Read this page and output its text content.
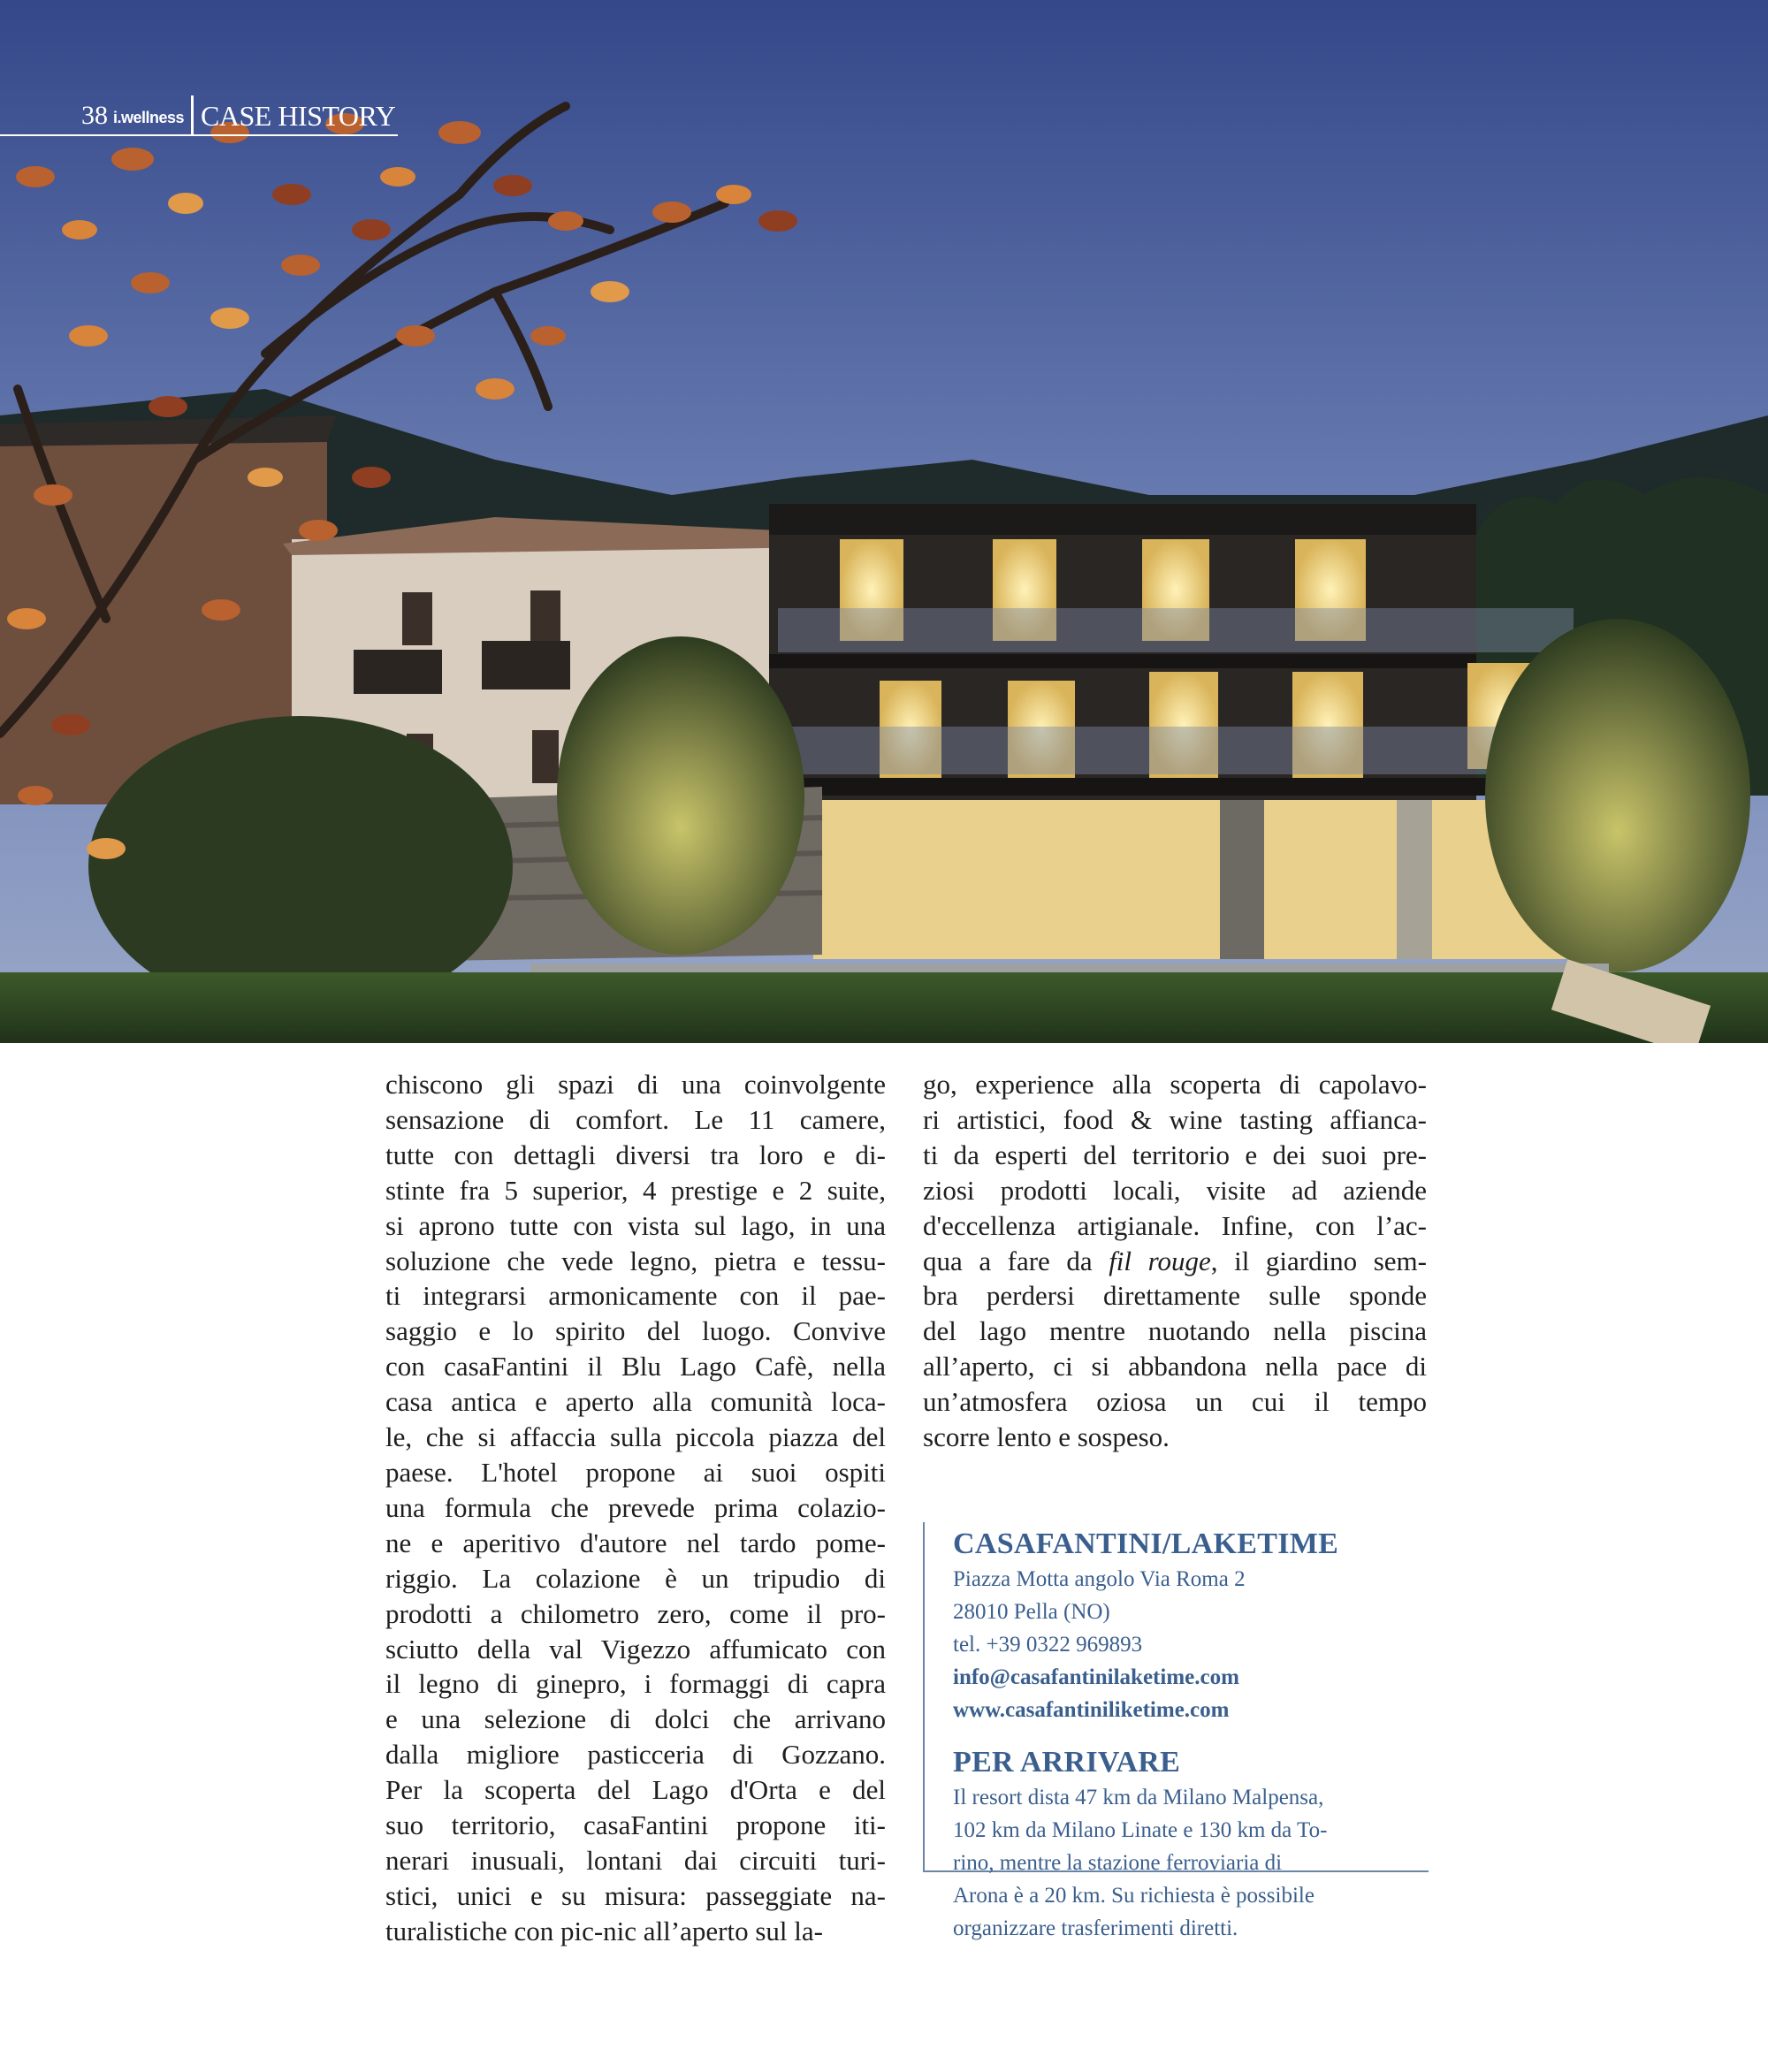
38 i.wellness CASE HISTORY
chiscono gli spazi di una coinvolgente
sensazione di comfort. Le 11 camere,
tutte con dettagli diversi tra loro e di-
stinte fra 5 superior, 4 prestige e 2 suite,
si aprono tutte con vista sul lago, in una
soluzione che vede legno, pietra e tessu-
ti integrarsi armonicamente con il pae-
saggio e lo spirito del luogo. Convive
con casaFantini il Blu Lago Cafè, nella
casa antica e aperto alla comunità loca-
le, che si affaccia sulla piccola piazza del
paese. L'hotel propone ai suoi ospiti
una formula che prevede prima colazio-
ne e aperitivo d'autore nel tardo pome-
riggio. La colazione è un tripudio di
prodotti a chilometro zero, come il pro-
sciutto della val Vigezzo affumicato con
il legno di ginepro, i formaggi di capra
e una selezione di dolci che arrivano
dalla migliore pasticceria di Gozzano.
Per la scoperta del Lago d'Orta e del
suo territorio, casaFantini propone iti-
nerari inusuali, lontani dai circuiti turi-
stici, unici e su misura: passeggiate na-
turalistiche con pic-nic all’aperto sul la-
go, experience alla scoperta di capolavo-
ri artistici, food & wine tasting affianca-
ti da esperti del territorio e dei suoi pre-
ziosi prodotti locali, visite ad aziende
d'eccellenza artigianale. Infine, con l’ac-
qua a fare da fil rouge, il giardino sem-
bra perdersi direttamente sulle sponde
del lago mentre nuotando nella piscina
all’aperto, ci si abbandona nella pace di
un’atmosfera oziosa un cui il tempo
scorre lento e sospeso.
CASAFANTINI/LAKETIME
Piazza Motta angolo Via Roma 2
28010 Pella (NO)
tel. +39 0322 969893
info@casafantinilaketime.com
www.casafantiniliketime.com
PER ARRIVARE
Il resort dista 47 km da Milano Malpensa,
102 km da Milano Linate e 130 km da To-
rino, mentre la stazione ferroviaria di
Arona è a 20 km. Su richiesta è possibile
organizzare trasferimenti diretti.
